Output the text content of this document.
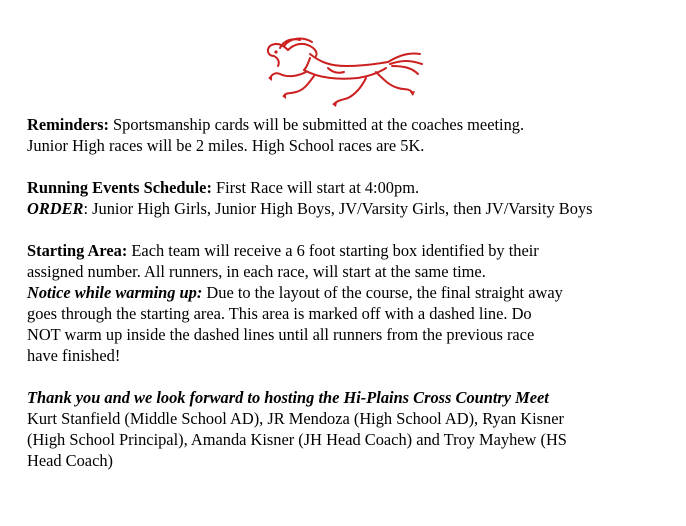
Reminders: Sportsmanship cards will be submitted at the coaches meeting.
Junior High races will be 2 miles. High School races are 5K.

Running Events Schedule: First Race will start at 4:00pm.
ORDER: Junior High Girls, Junior High Boys, JV/Varsity Girls, then JV/Varsity Boys

Starting Area: Each team will receive a 6 foot starting box identified by their
assigned number. All runners, in each race, will start at the same time.
Notice while warming up: Due to the layout of the course, the final straight away
goes through the starting area. This area is marked off with a dashed line. Do
NOT warm up inside the dashed lines until all runners from the previous race
have finished!

Thank you and we look forward to hosting the Hi-Plains Cross Country Meet
Kurt Stanfield (Middle School AD), JR Mendoza (High School AD), Ryan Kisner
(High School Principal), Amanda Kisner (JH Head Coach) and Troy Mayhew (HS
Head Coach)
